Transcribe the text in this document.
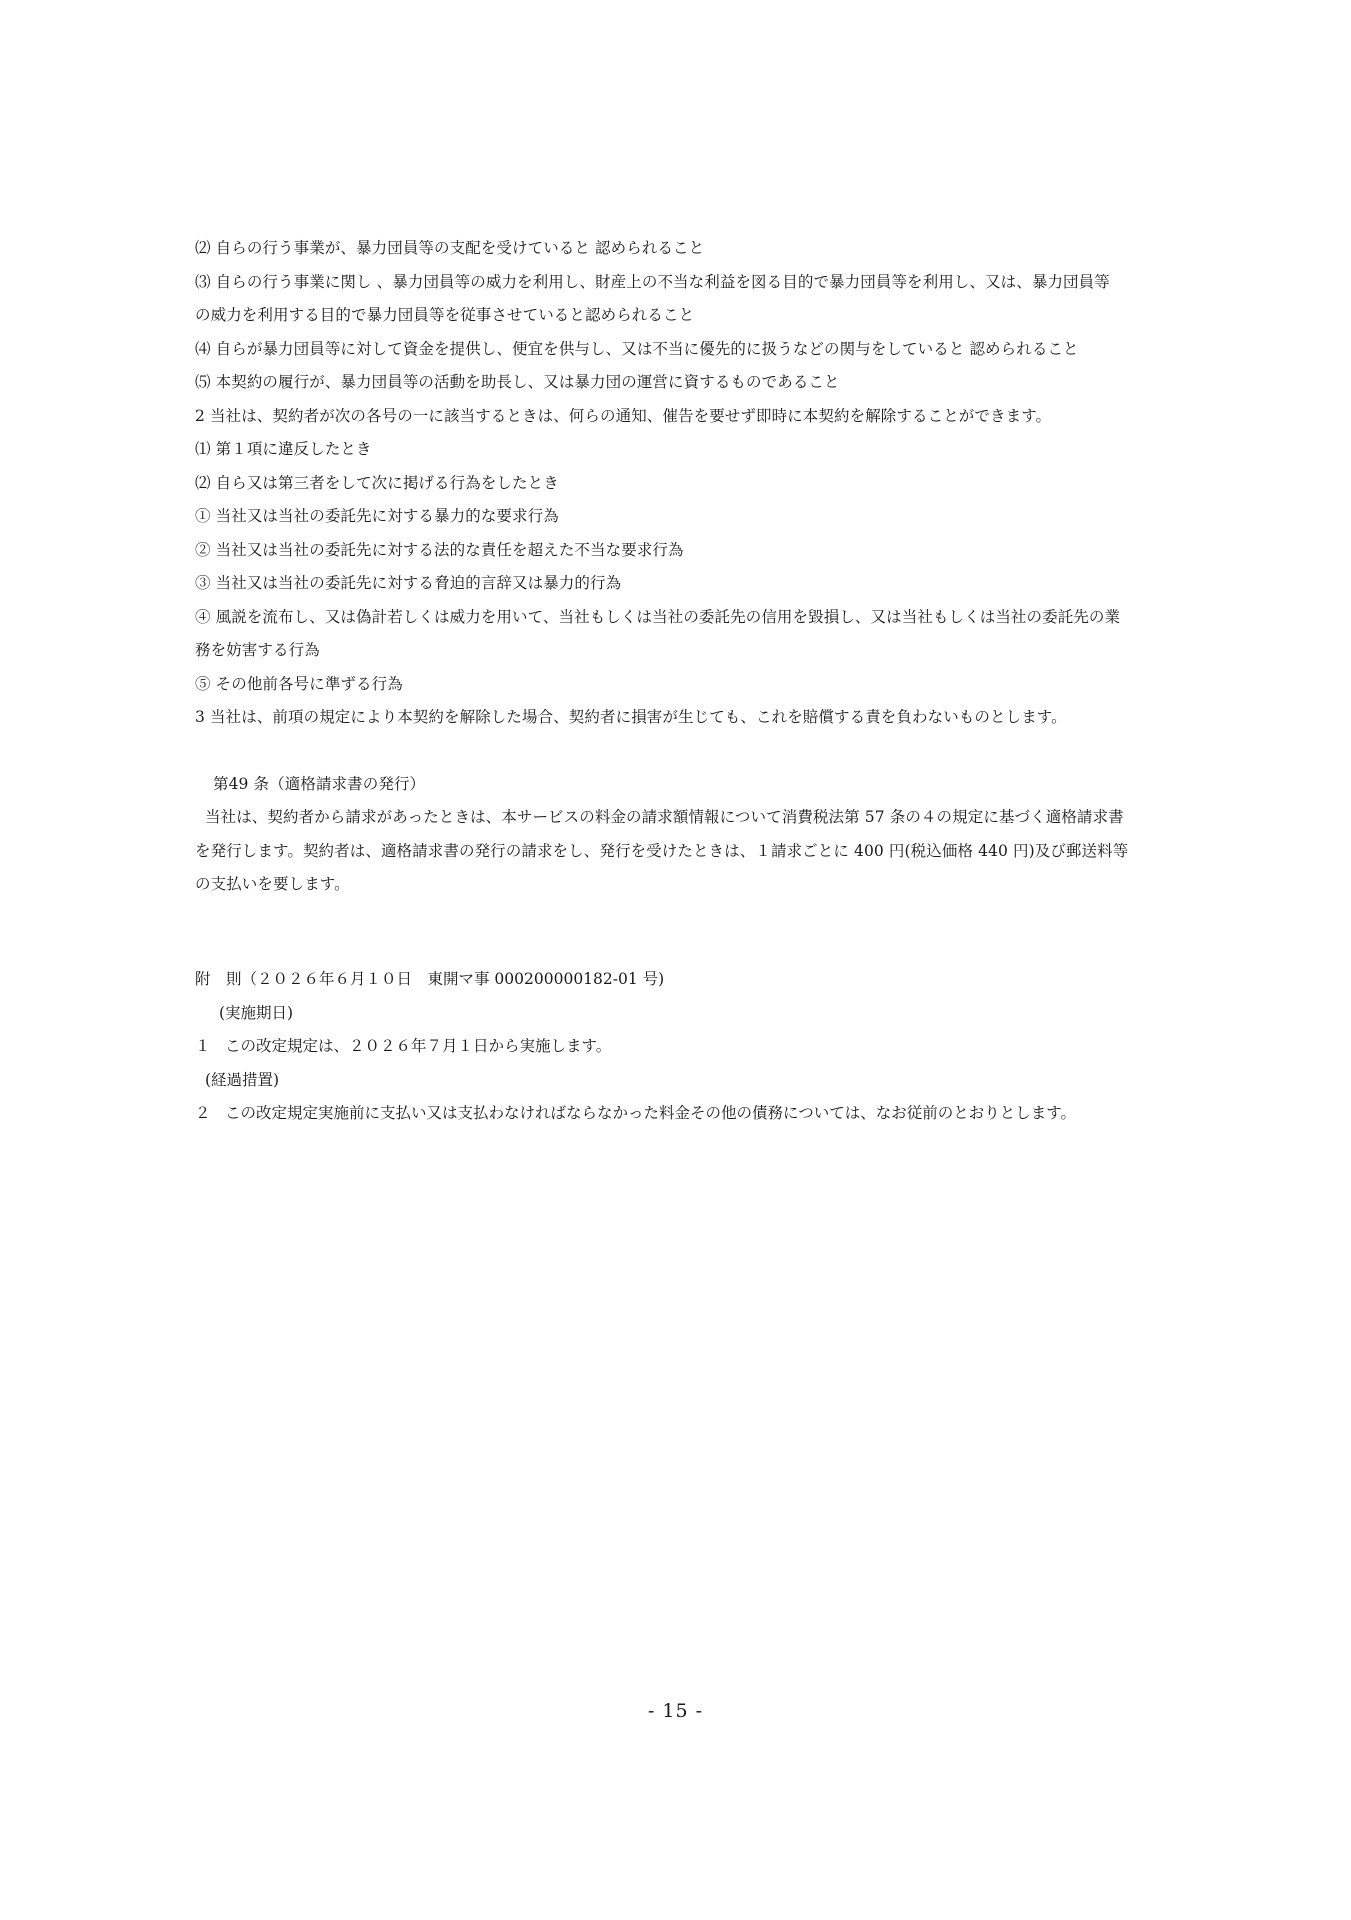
⑵ 自らの行う事業が、暴力団員等の支配を受けていると 認められること

⑶ 自らの行う事業に関し 、暴力団員等の威力を利用し、財産上の不当な利益を図る目的で暴力団員等を利用し、又は、暴力団員等

の威力を利用する目的で暴力団員等を従事させていると認められること

⑷ 自らが暴力団員等に対して資金を提供し、便宜を供与し、又は不当に優先的に扱うなどの関与をしていると 認められること

⑸ 本契約の履行が、暴力団員等の活動を助長し、又は暴力団の運営に資するものであること

2 当社は、契約者が次の各号の一に該当するときは、何らの通知、催告を要せず即時に本契約を解除することができます。

⑴ 第１項に違反したとき

⑵ 自ら又は第三者をして次に掲げる行為をしたとき

① 当社又は当社の委託先に対する暴力的な要求行為

② 当社又は当社の委託先に対する法的な責任を超えた不当な要求行為

③ 当社又は当社の委託先に対する脅迫的言辞又は暴力的行為

④ 風説を流布し、又は偽計若しくは威力を用いて、当社もしくは当社の委託先の信用を毀損し、又は当社もしくは当社の委託先の業

務を妨害する行為

⑤ その他前各号に準ずる行為

3 当社は、前項の規定により本契約を解除した場合、契約者に損害が生じても、これを賠償する責を負わないものとします。

第49 条（適格請求書の発行）

当社は、契約者から請求があったときは、本サービスの料金の請求額情報について消費税法第 57 条の４の規定に基づく適格請求書

を発行します。契約者は、適格請求書の発行の請求をし、発行を受けたときは、１請求ごとに 400 円(税込価格 440 円)及び郵送料等

の支払いを要します。

附　則（２０２６年６月１０日　東開マ事 000200000182-01 号)

(実施期日)

１ この改定規定は、２０２６年７月１日から実施します。

(経過措置)

２ この改定規定実施前に支払い又は支払わなければならなかった料金その他の債務については、なお従前のとおりとします。

- 15 -
